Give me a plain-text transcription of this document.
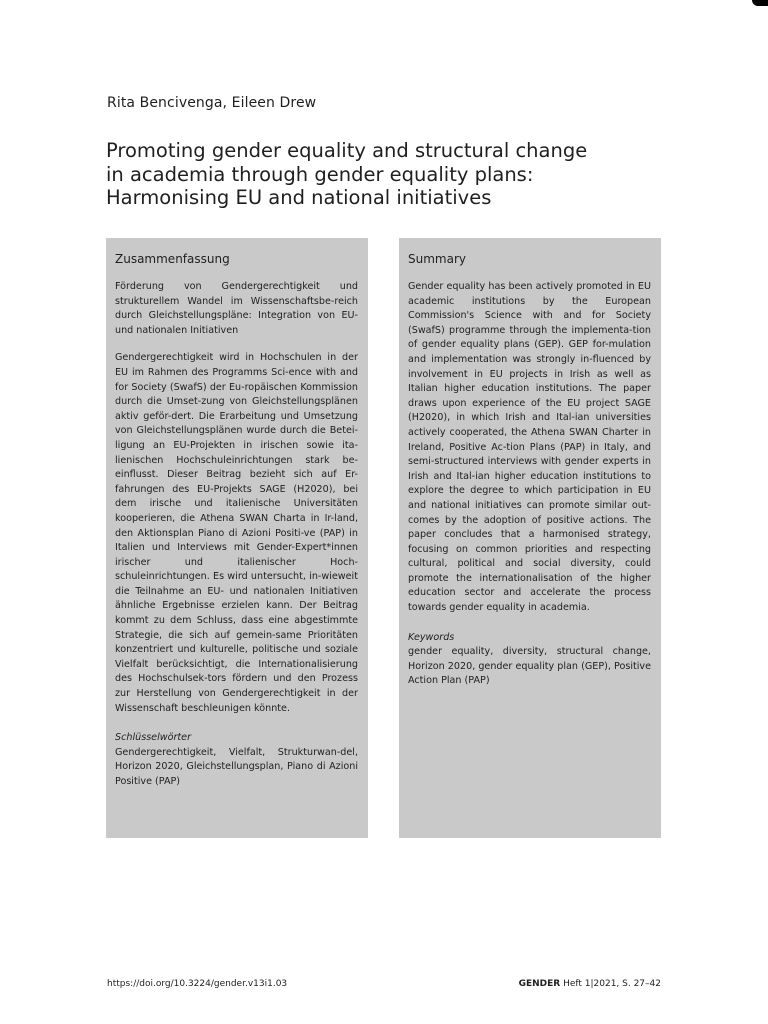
Rita Bencivenga, Eileen Drew
Promoting gender equality and structural change
in academia through gender equality plans:
Harmonising EU and national initiatives
Zusammenfassung
Förderung von Gendergerechtigkeit und strukturellem Wandel im Wissenschaftsbe-reich durch Gleichstellungspläne: Integration von EU- und nationalen Initiativen
Gendergerechtigkeit wird in Hochschulen in der EU im Rahmen des Programms Sci-ence with and for Society (SwafS) der Eu-ropäischen Kommission durch die Umset-zung von Gleichstellungsplänen aktiv geför-dert. Die Erarbeitung und Umsetzung von Gleichstellungsplänen wurde durch die Betei-ligung an EU-Projekten in irischen sowie ita-lienischen Hochschuleinrichtungen stark be-einflusst. Dieser Beitrag bezieht sich auf Er-fahrungen des EU-Projekts SAGE (H2020), bei dem irische und italienische Universitäten kooperieren, die Athena SWAN Charta in Ir-land, den Aktionsplan Piano di Azioni Positi-ve (PAP) in Italien und Interviews mit Gender-Expert*innen irischer und italienischer Hoch-schuleinrichtungen. Es wird untersucht, in-wieweit die Teilnahme an EU- und nationalen Initiativen ähnliche Ergebnisse erzielen kann. Der Beitrag kommt zu dem Schluss, dass eine abgestimmte Strategie, die sich auf gemein-same Prioritäten konzentriert und kulturelle, politische und soziale Vielfalt berücksichtigt, die Internationalisierung des Hochschulsek-tors fördern und den Prozess zur Herstellung von Gendergerechtigkeit in der Wissenschaft beschleunigen könnte.
Schlüsselwörter
Gendergerechtigkeit, Vielfalt, Strukturwan-del, Horizon 2020, Gleichstellungsplan, Piano di Azioni Positive (PAP)
Summary
Gender equality has been actively promoted in EU academic institutions by the European Commission's Science with and for Society (SwafS) programme through the implementa-tion of gender equality plans (GEP). GEP for-mulation and implementation was strongly in-fluenced by involvement in EU projects in Irish as well as Italian higher education institutions. The paper draws upon experience of the EU project SAGE (H2020), in which Irish and Ital-ian universities actively cooperated, the Athena SWAN Charter in Ireland, Positive Ac-tion Plans (PAP) in Italy, and semi-structured interviews with gender experts in Irish and Ital-ian higher education institutions to explore the degree to which participation in EU and national initiatives can promote similar out-comes by the adoption of positive actions. The paper concludes that a harmonised strategy, focusing on common priorities and respecting cultural, political and social diversity, could promote the internationalisation of the higher education sector and accelerate the process towards gender equality in academia.
Keywords
gender equality, diversity, structural change, Horizon 2020, gender equality plan (GEP), Positive Action Plan (PAP)
https://doi.org/10.3224/gender.v13i1.03	GENDER Heft 1|2021, S. 27–42
